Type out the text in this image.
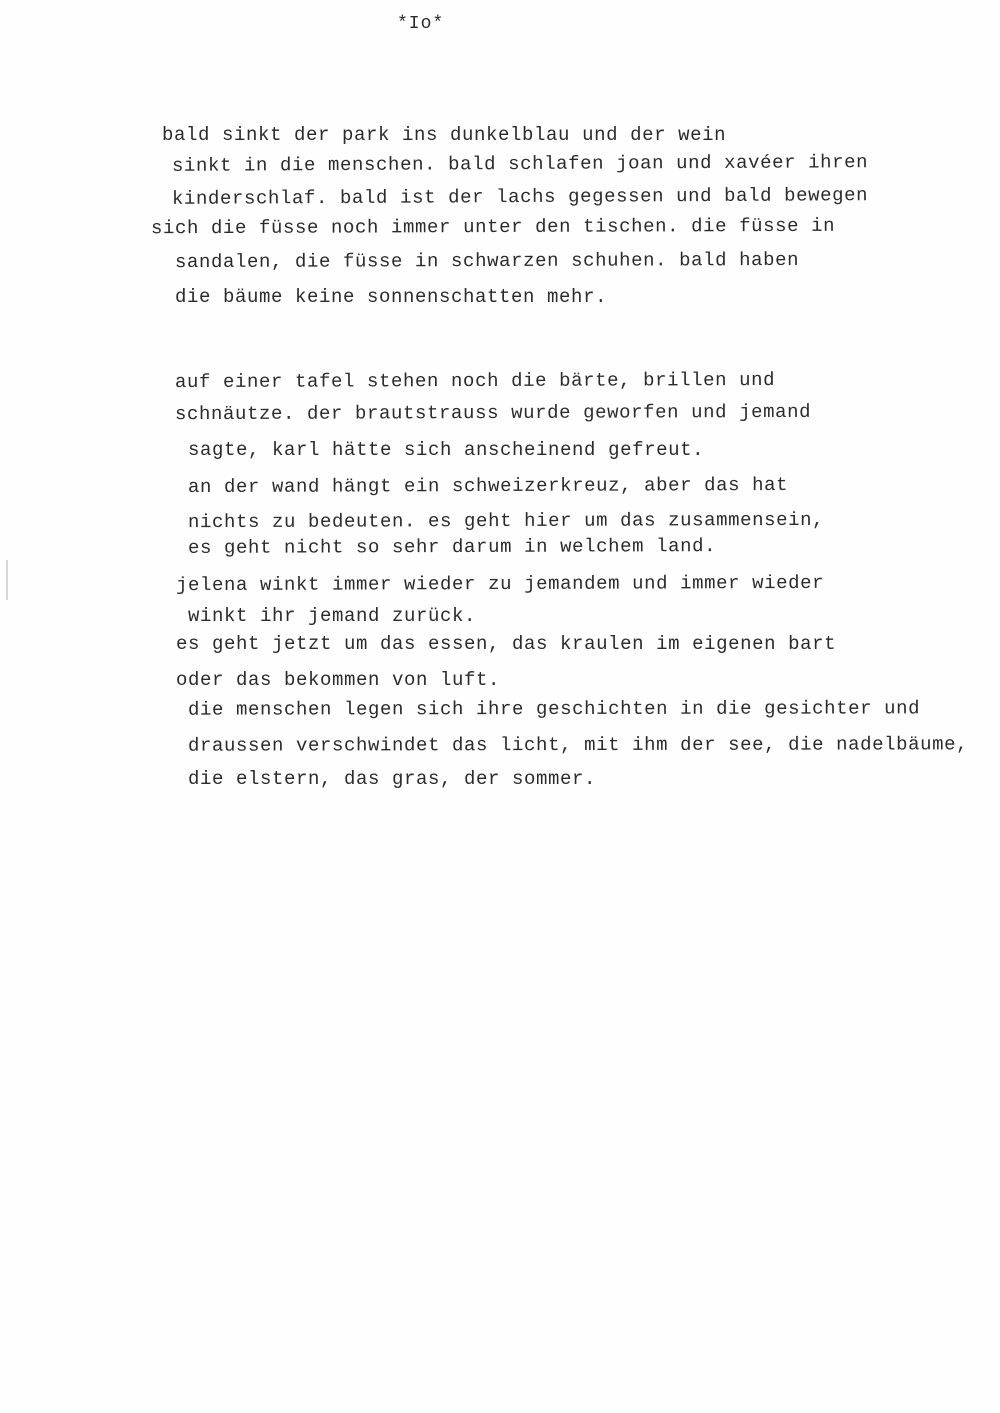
*Io*

bald sinkt der park ins dunkelblau und der wein

sinkt in die menschen. bald schlafen joan und xavéer ihren

kinderschlaf. bald ist der lachs gegessen und bald bewegen

sich die füsse noch immer unter den tischen. die füsse in

sandalen, die füsse in schwarzen schuhen. bald haben

die bäume keine sonnenschatten mehr.

auf einer tafel stehen noch die bärte, brillen und

schnäutze. der brautstrauss wurde geworfen und jemand

sagte, karl hätte sich anscheinend gefreut.

an der wand hängt ein schweizerkreuz, aber das hat

nichts zu bedeuten. es geht hier um das zusammensein,

es geht nicht so sehr darum in welchem land.

jelena winkt immer wieder zu jemandem und immer wieder

winkt ihr jemand zurück.

es geht jetzt um das essen, das kraulen im eigenen bart

oder das bekommen von luft.

die menschen legen sich ihre geschichten in die gesichter und

draussen verschwindet das licht, mit ihm der see, die nadelbäume,

die elstern, das gras, der sommer.
